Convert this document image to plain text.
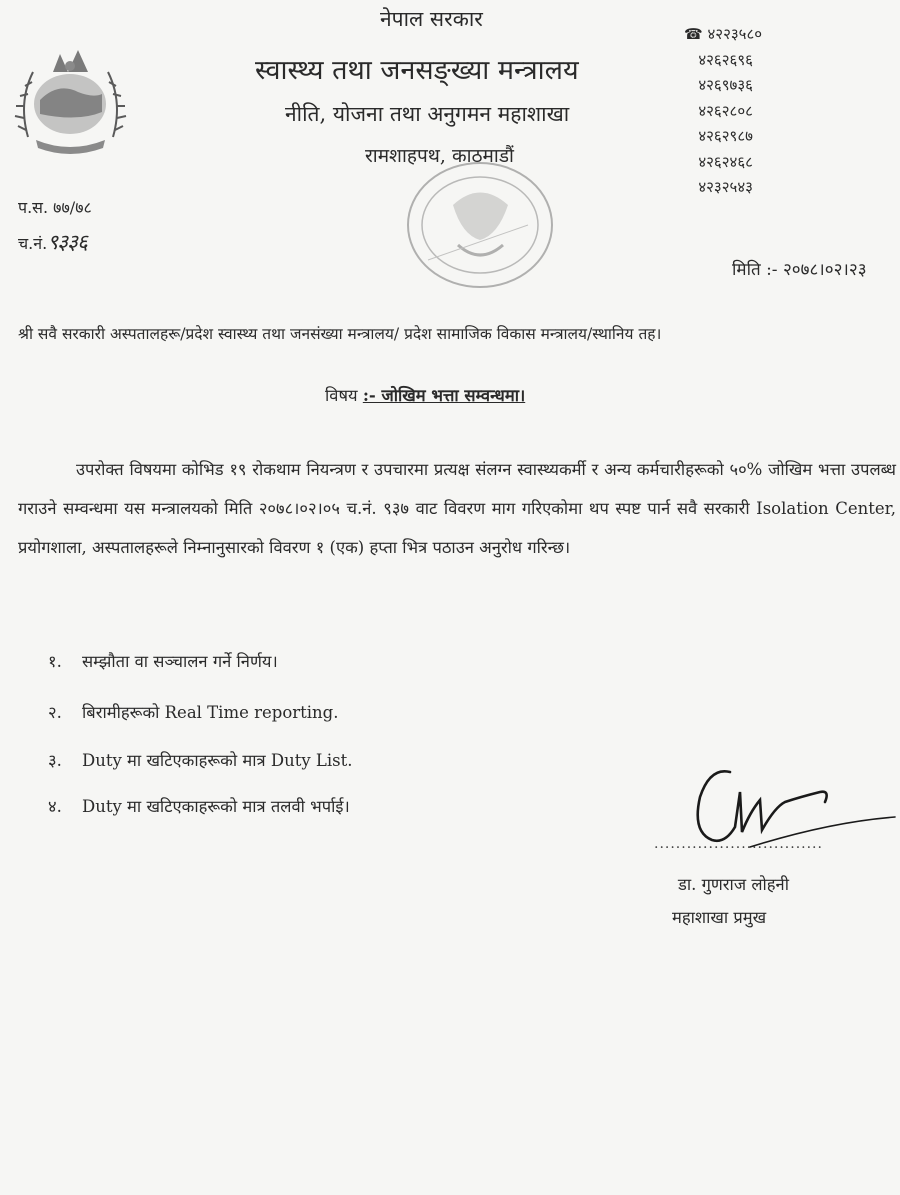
नेपाल सरकार
स्वास्थ्य तथा जनसङ्ख्या मन्त्रालय
नीति, योजना तथा अनुगमन महाशाखा
रामशाहपथ, काठमाडौं
☎ ४२२३५८०
४२६२६९६
४२६९७३६
४२६२८०८
४२६२९८७
४२६२४६८
४२३२५४३
प.स. ७७/७८
च.नं.९३३६
मिति :- २०७८।०२।२३
श्री सवै सरकारी अस्पतालहरू/प्रदेश स्वास्थ्य तथा जनसंख्या मन्त्रालय/ प्रदेश सामाजिक विकास मन्त्रालय/स्थानिय तह।
विषय :- जोखिम भत्ता सम्वन्धमा।
उपरोक्त विषयमा कोभिड १९ रोकथाम नियन्त्रण र उपचारमा प्रत्यक्ष संलग्न स्वास्थ्यकर्मी र अन्य कर्मचारीहरूको ५०% जोखिम भत्ता उपलब्ध गराउने सम्वन्धमा यस मन्त्रालयको मिति २०७८।०२।०५ च.नं. ९३७ वाट विवरण माग गरिएकोमा थप स्पष्ट पार्न सवै सरकारी Isolation Center, प्रयोगशाला, अस्पतालहरूले निम्नानुसारको विवरण १ (एक) हप्ता भित्र पठाउन अनुरोध गरिन्छ।
१. सम्झौता वा सञ्चालन गर्ने निर्णय।
२. बिरामीहरूको Real Time reporting.
३. Duty मा खटिएकाहरूको मात्र Duty List.
४. Duty मा खटिएकाहरूको मात्र तलवी भर्पाई।
...............................
डा. गुणराज लोहनी
महाशाखा प्रमुख
